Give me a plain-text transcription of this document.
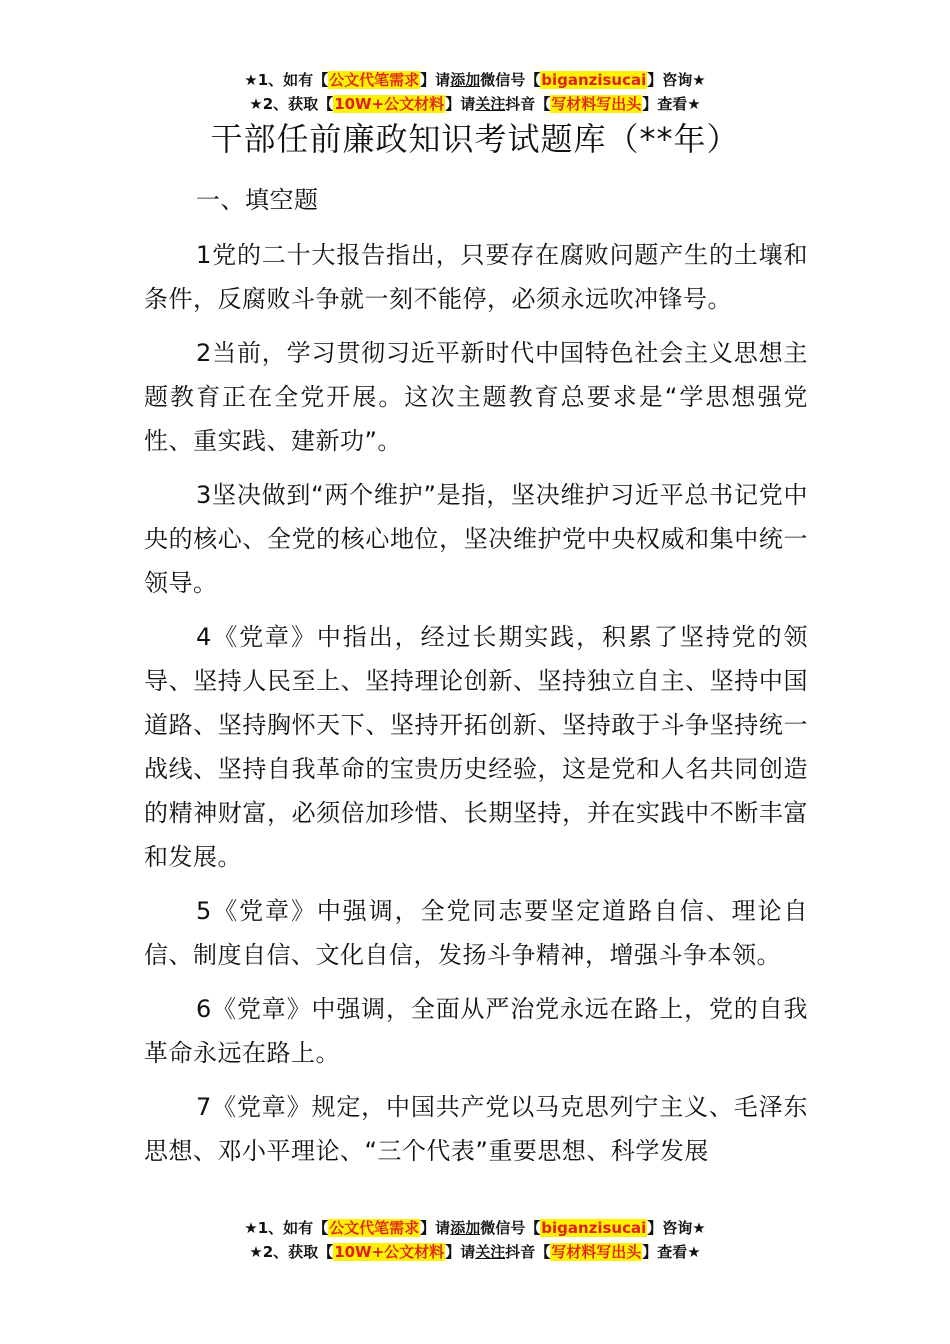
★1、如有【公文代笔需求】请添加微信号【biganzisucai】咨询★
★2、获取【10W+公文材料】请关注抖音【写材料写出头】查看★
干部任前廉政知识考试题库（**年）

一、填空题

1党的二十大报告指出，只要存在腐败问题产生的土壤和条件，反腐败斗争就一刻不能停，必须永远吹冲锋号。

2当前，学习贯彻习近平新时代中国特色社会主义思想主题教育正在全党开展。这次主题教育总要求是“学思想强党性、重实践、建新功”。

3坚决做到“两个维护”是指，坚决维护习近平总书记党中央的核心、全党的核心地位，坚决维护党中央权威和集中统一领导。

4《党章》中指出，经过长期实践，积累了坚持党的领导、坚持人民至上、坚持理论创新、坚持独立自主、坚持中国道路、坚持胸怀天下、坚持开拓创新、坚持敢于斗争坚持统一战线、坚持自我革命的宝贵历史经验，这是党和人名共同创造的精神财富，必须倍加珍惜、长期坚持，并在实践中不断丰富和发展。

5《党章》中强调，全党同志要坚定道路自信、理论自信、制度自信、文化自信，发扬斗争精神，增强斗争本领。

6《党章》中强调，全面从严治党永远在路上，党的自我革命永远在路上。

7《党章》规定，中国共产党以马克思列宁主义、毛泽东思想、邓小平理论、“三个代表”重要思想、科学发展

★1、如有【公文代笔需求】请添加微信号【biganzisucai】咨询★
★2、获取【10W+公文材料】请关注抖音【写材料写出头】查看★
